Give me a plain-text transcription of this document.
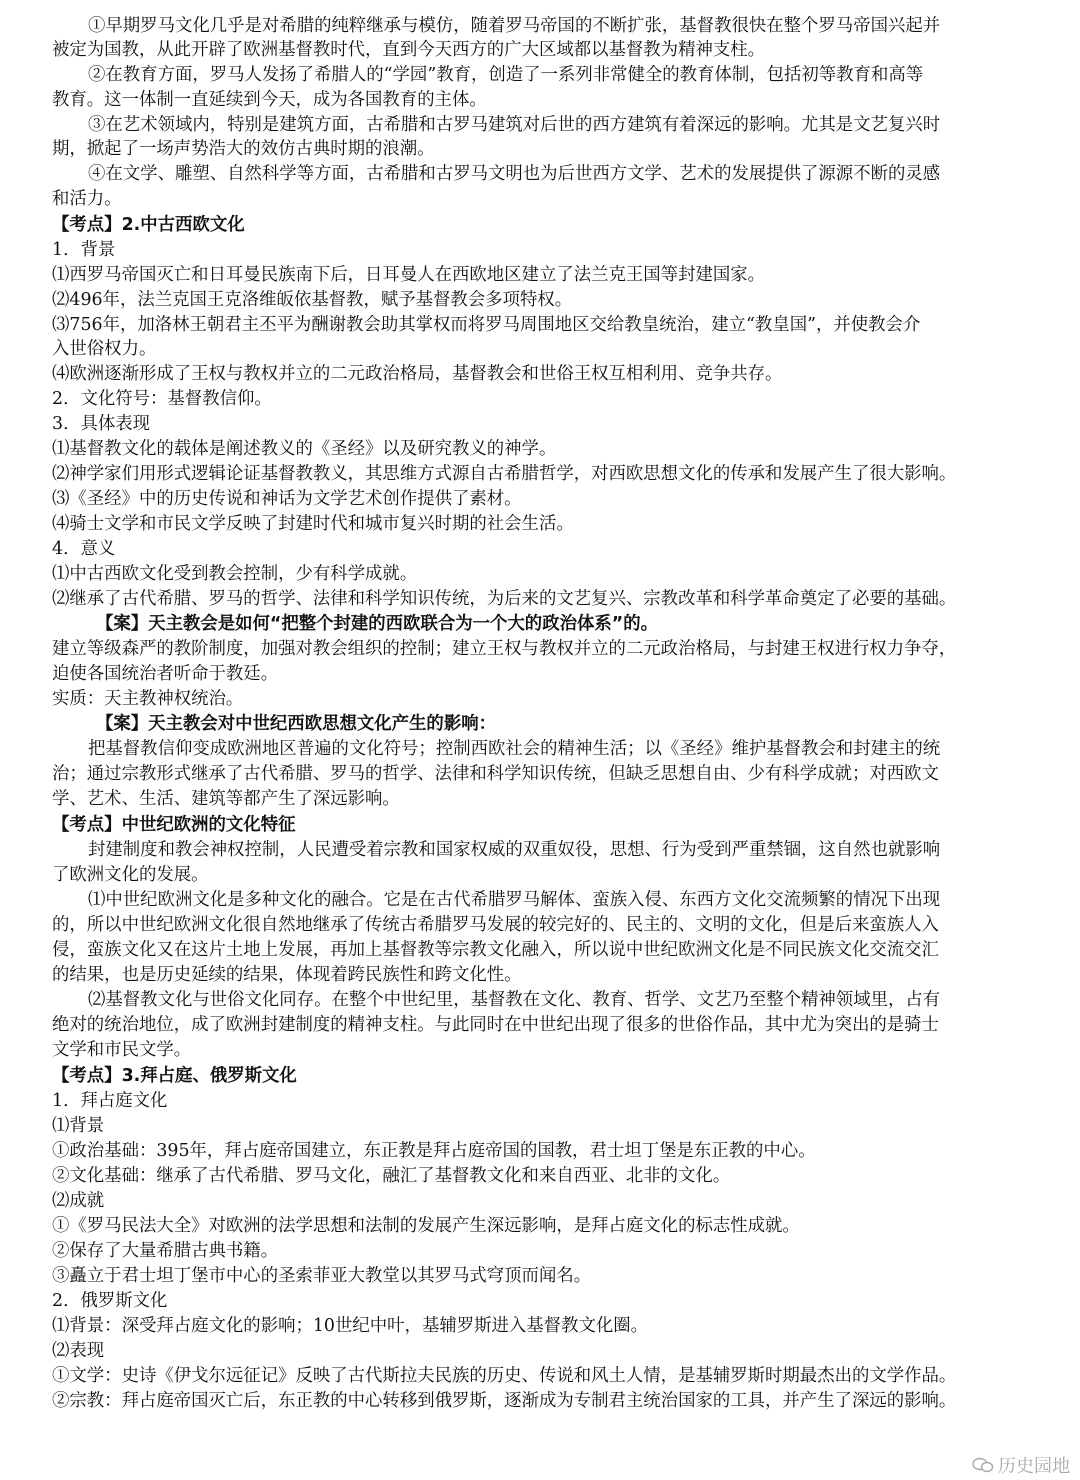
①早期罗马文化几乎是对希腊的纯粹继承与模仿，随着罗马帝国的不断扩张，基督教很快在整个罗马帝国兴起并
被定为国教，从此开辟了欧洲基督教时代，直到今天西方的广大区域都以基督教为精神支柱。
②在教育方面，罗马人发扬了希腊人的“学园”教育，创造了一系列非常健全的教育体制，包括初等教育和高等
教育。这一体制一直延续到今天，成为各国教育的主体。
③在艺术领域内，特别是建筑方面，古希腊和古罗马建筑对后世的西方建筑有着深远的影响。尤其是文艺复兴时
期，掀起了一场声势浩大的效仿古典时期的浪潮。
④在文学、雕塑、自然科学等方面，古希腊和古罗马文明也为后世西方文学、艺术的发展提供了源源不断的灵感
和活力。
【考点】2.中古西欧文化
1．背景
⑴西罗马帝国灭亡和日耳曼民族南下后，日耳曼人在西欧地区建立了法兰克王国等封建国家。
⑵496年，法兰克国王克洛维皈依基督教，赋予基督教会多项特权。
⑶756年，加洛林王朝君主丕平为酬谢教会助其掌权而将罗马周围地区交给教皇统治，建立“教皇国”，并使教会介
入世俗权力。
⑷欧洲逐渐形成了王权与教权并立的二元政治格局，基督教会和世俗王权互相利用、竞争共存。
2．文化符号：基督教信仰。
3．具体表现
⑴基督教文化的载体是阐述教义的《圣经》以及研究教义的神学。
⑵神学家们用形式逻辑论证基督教教义，其思维方式源自古希腊哲学，对西欧思想文化的传承和发展产生了很大影响。
⑶《圣经》中的历史传说和神话为文学艺术创作提供了素材。
⑷骑士文学和市民文学反映了封建时代和城市复兴时期的社会生活。
4．意义
⑴中古西欧文化受到教会控制，少有科学成就。
⑵继承了古代希腊、罗马的哲学、法律和科学知识传统，为后来的文艺复兴、宗教改革和科学革命奠定了必要的基础。
【案】天主教会是如何“把整个封建的西欧联合为一个大的政治体系”的。
建立等级森严的教阶制度，加强对教会组织的控制；建立王权与教权并立的二元政治格局，与封建王权进行权力争夺，
迫使各国统治者听命于教廷。
实质：天主教神权统治。
【案】天主教会对中世纪西欧思想文化产生的影响：
把基督教信仰变成欧洲地区普遍的文化符号；控制西欧社会的精神生活；以《圣经》维护基督教会和封建主的统
治；通过宗教形式继承了古代希腊、罗马的哲学、法律和科学知识传统，但缺乏思想自由、少有科学成就；对西欧文
学、艺术、生活、建筑等都产生了深远影响。
【考点】中世纪欧洲的文化特征
封建制度和教会神权控制，人民遭受着宗教和国家权威的双重奴役，思想、行为受到严重禁锢，这自然也就影响
了欧洲文化的发展。
⑴中世纪欧洲文化是多种文化的融合。它是在古代希腊罗马解体、蛮族入侵、东西方文化交流频繁的情况下出现
的，所以中世纪欧洲文化很自然地继承了传统古希腊罗马发展的较完好的、民主的、文明的文化，但是后来蛮族人入
侵，蛮族文化又在这片土地上发展，再加上基督教等宗教文化融入，所以说中世纪欧洲文化是不同民族文化交流交汇
的结果，也是历史延续的结果，体现着跨民族性和跨文化性。
⑵基督教文化与世俗文化同存。在整个中世纪里，基督教在文化、教育、哲学、文艺乃至整个精神领域里，占有
绝对的统治地位，成了欧洲封建制度的精神支柱。与此同时在中世纪出现了很多的世俗作品，其中尤为突出的是骑士
文学和市民文学。
【考点】3.拜占庭、俄罗斯文化
1．拜占庭文化
⑴背景
①政治基础：395年，拜占庭帝国建立，东正教是拜占庭帝国的国教，君士坦丁堡是东正教的中心。
②文化基础：继承了古代希腊、罗马文化，融汇了基督教文化和来自西亚、北非的文化。
⑵成就
①《罗马民法大全》对欧洲的法学思想和法制的发展产生深远影响，是拜占庭文化的标志性成就。
②保存了大量希腊古典书籍。
③矗立于君士坦丁堡市中心的圣索菲亚大教堂以其罗马式穹顶而闻名。
2．俄罗斯文化
⑴背景：深受拜占庭文化的影响；10世纪中叶，基辅罗斯进入基督教文化圈。
⑵表现
①文学：史诗《伊戈尔远征记》反映了古代斯拉夫民族的历史、传说和风土人情，是基辅罗斯时期最杰出的文学作品。
②宗教：拜占庭帝国灭亡后，东正教的中心转移到俄罗斯，逐渐成为专制君主统治国家的工具，并产生了深远的影响。
历史园地
